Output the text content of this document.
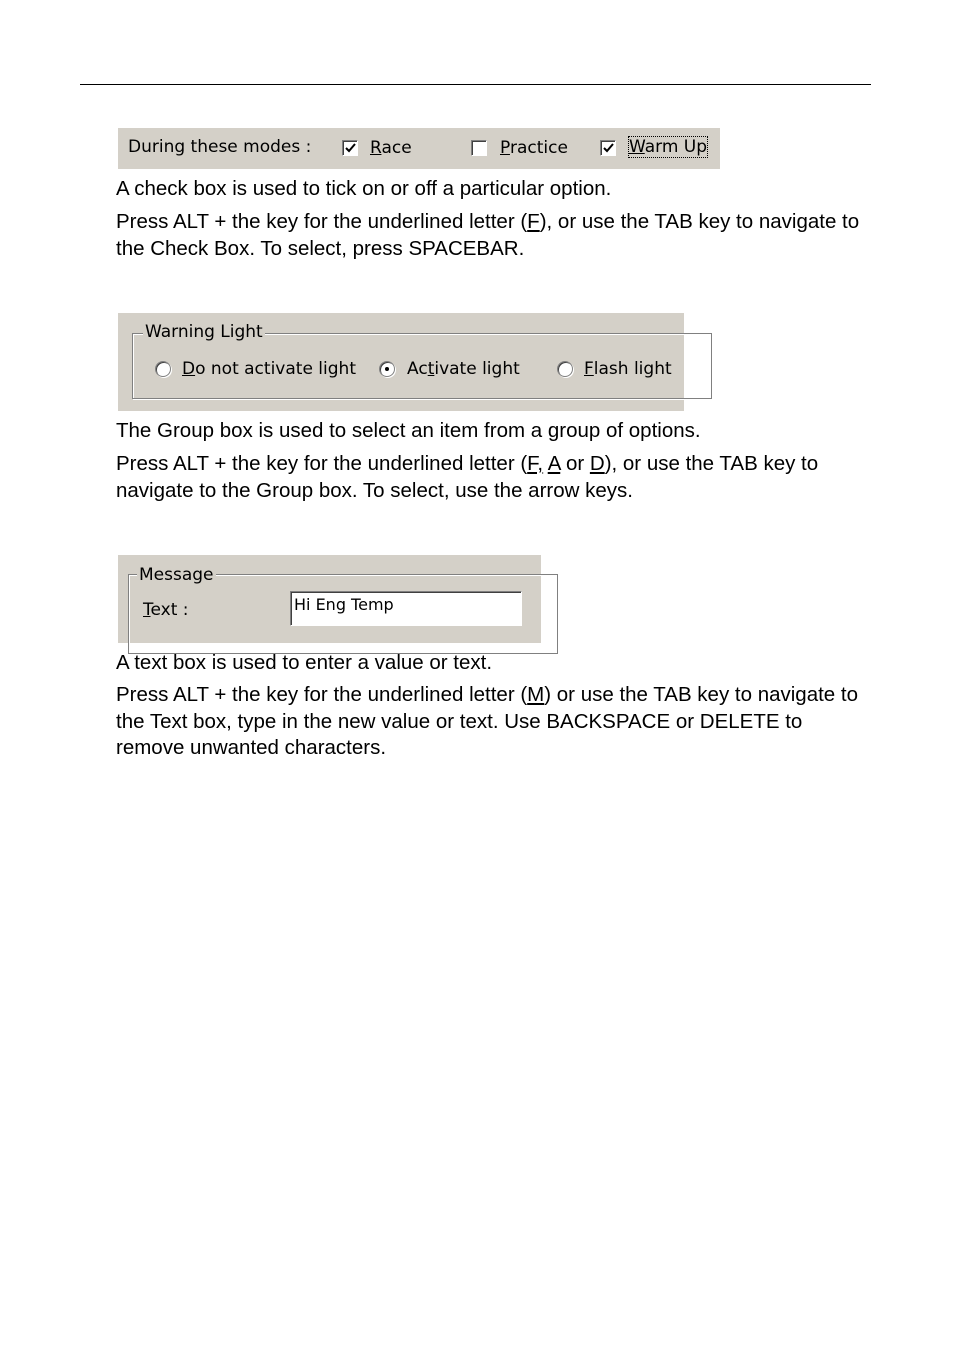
During these modes :	Race	Practice	Warm Up

A check box is used to tick on or off a particular option.

Press ALT + the key for the underlined letter (F), or use the TAB key to navigate to the Check Box. To select, press SPACEBAR.

Warning Light
Do not activate light	Activate light	Flash light

The Group box is used to select an item from a group of options.

Press ALT + the key for the underlined letter (F, A or D), or use the TAB key to navigate to the Group box. To select, use the arrow keys.

Message
Text :	Hi Eng Temp

A text box is used to enter a value or text.

Press ALT + the key for the underlined letter (M) or use the TAB key to navigate to the Text box, type in the new value or text. Use BACKSPACE or DELETE to remove unwanted characters.
